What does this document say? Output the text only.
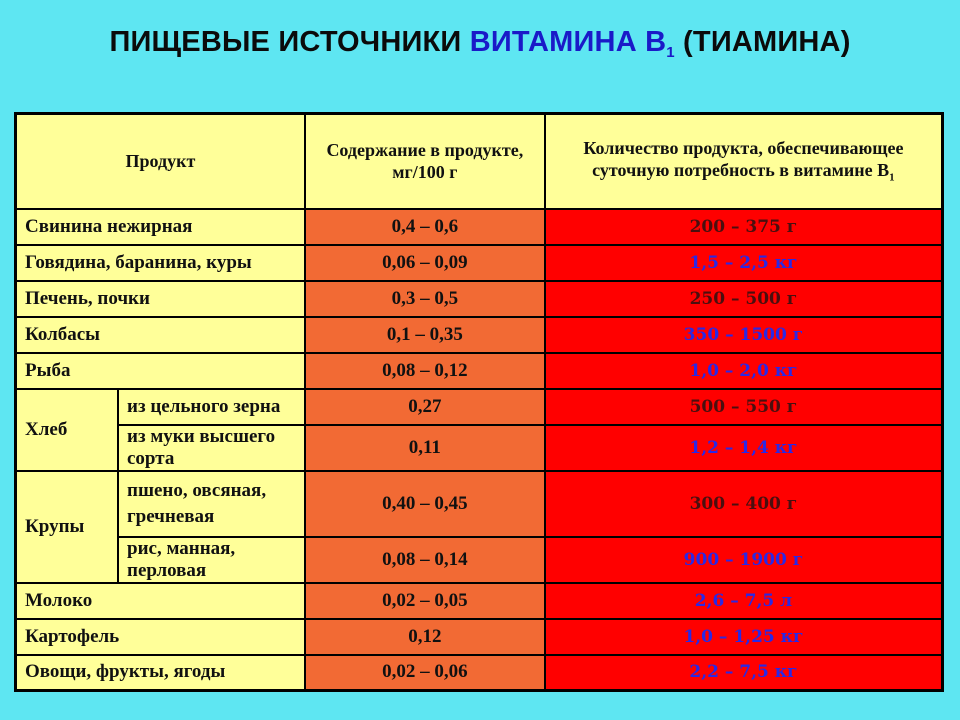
ПИЩЕВЫЕ ИСТОЧНИКИ ВИТАМИНА $В_1$ (ТИАМИНА)
Продукт		Содержание в продукте, мг/100 г	Количество продукта, обеспечивающее суточную потребность в витамине $В_1$
Свинина нежирная		0,4 – 0,6	200 – 375 г
Говядина, баранина, куры		0,06 – 0,09	1,5 – 2,5 кг
Печень, почки		0,3 – 0,5	250 – 500 г
Колбасы		0,1 – 0,35	350 – 1500 г
Рыба		0,08 – 0,12	1,0 – 2,0 кг
Хлеб	из цельного зерна	0,27	500 – 550 г
	из муки высшего сорта	0,11	1,2 – 1,4 кг
Крупы	пшено, овсяная, гречневая	0,40 – 0,45	300 – 400 г
	рис, манная, перловая	0,08 – 0,14	900 – 1900 г
Молоко		0,02 – 0,05	2,6 – 7,5 л
Картофель		0,12	1,0 – 1,25 кг
Овощи, фрукты, ягоды		0,02 – 0,06	2,2 – 7,5 кг
